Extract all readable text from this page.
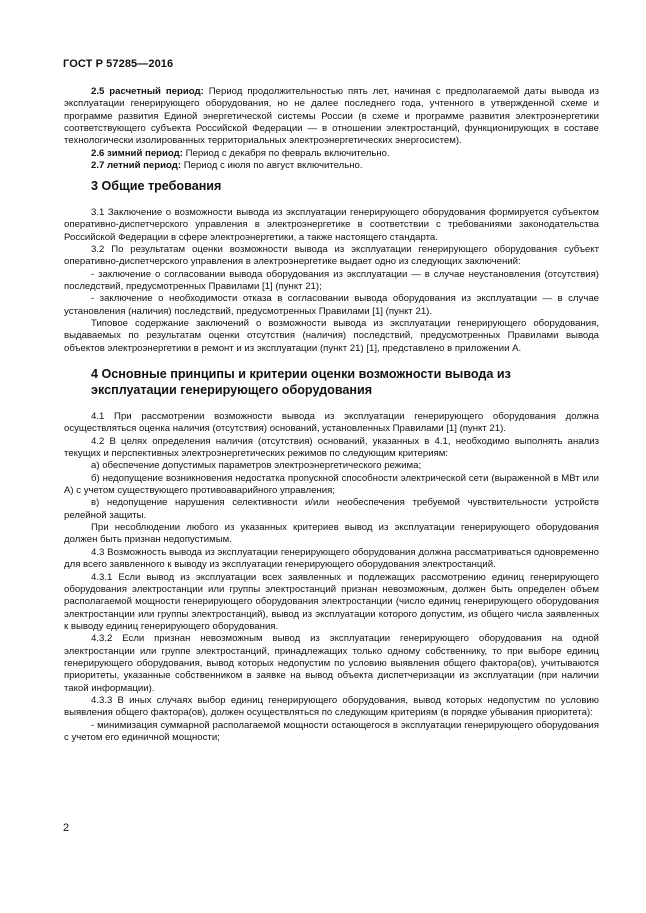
ГОСТ Р 57285—2016

2.5 расчетный период: Период продолжительностью пять лет, начиная с предполагаемой даты вывода из эксплуатации генерирующего оборудования, но не далее последнего года, учтенного в утвержденной схеме и программе развития Единой энергетической системы России (в схеме и программе развития электроэнергетики соответствующего субъекта Российской Федерации — в отношении электростанций, функционирующих в составе технологически изолированных территориальных электроэнергетических энергосистем).

2.6 зимний период: Период с декабря по февраль включительно.

2.7 летний период: Период с июля по август включительно.

3 Общие требования

3.1 Заключение о возможности вывода из эксплуатации генерирующего оборудования формируется субъектом оперативно-диспетчерского управления в электроэнергетике в соответствии с требованиями законодательства Российской Федерации в сфере электроэнергетики, а также настоящего стандарта.

3.2 По результатам оценки возможности вывода из эксплуатации генерирующего оборудования субъект оперативно-диспетчерского управления в электроэнергетике выдает одно из следующих заключений:

- заключение о согласовании вывода оборудования из эксплуатации — в случае неустановления (отсутствия) последствий, предусмотренных Правилами [1] (пункт 21);

- заключение о необходимости отказа в согласовании вывода оборудования из эксплуатации — в случае установления (наличия) последствий, предусмотренных Правилами [1] (пункт 21).

Типовое содержание заключений о возможности вывода из эксплуатации генерирующего оборудования, выдаваемых по результатам оценки отсутствия (наличия) последствий, предусмотренных Правилами вывода объектов электроэнергетики в ремонт и из эксплуатации (пункт 21) [1], представлено в приложении А.

4 Основные принципы и критерии оценки возможности вывода из эксплуатации генерирующего оборудования

4.1 При рассмотрении возможности вывода из эксплуатации генерирующего оборудования должна осуществляться оценка наличия (отсутствия) оснований, установленных Правилами [1] (пункт 21).

4.2 В целях определения наличия (отсутствия) оснований, указанных в 4.1, необходимо выполнять анализ текущих и перспективных электроэнергетических режимов по следующим критериям:

а) обеспечение допустимых параметров электроэнергетического режима;

б) недопущение возникновения недостатка пропускной способности электрической сети (выраженной в МВт или А) с учетом существующего противоаварийного управления;

в) недопущение нарушения селективности и/или необеспечения требуемой чувствительности устройств релейной защиты.

При несоблюдении любого из указанных критериев вывод из эксплуатации генерирующего оборудования должен быть признан недопустимым.

4.3 Возможность вывода из эксплуатации генерирующего оборудования должна рассматриваться одновременно для всего заявленного к выводу из эксплуатации генерирующего оборудования электростанций.

4.3.1 Если вывод из эксплуатации всех заявленных и подлежащих рассмотрению единиц генерирующего оборудования электростанции или группы электростанций признан невозможным, должен быть определен объем располагаемой мощности генерирующего оборудования электростанции (число единиц генерирующего оборудования электростанции или группы электростанций), вывод из эксплуатации которого допустим, из общего числа заявленных к выводу единиц генерирующего оборудования.

4.3.2 Если признан невозможным вывод из эксплуатации генерирующего оборудования на одной электростанции или группе электростанций, принадлежащих только одному собственнику, то при выборе единиц генерирующего оборудования, вывод которых недопустим по условию выявления общего фактора(ов), учитываются приоритеты, указанные собственником в заявке на вывод объекта диспетчеризации из эксплуатации (при наличии такой информации).

4.3.3 В иных случаях выбор единиц генерирующего оборудования, вывод которых недопустим по условию выявления общего фактора(ов), должен осуществляться по следующим критериям (в порядке убывания приоритета):

- минимизация суммарной располагаемой мощности остающегося в эксплуатации генерирующего оборудования с учетом его единичной мощности;

2
